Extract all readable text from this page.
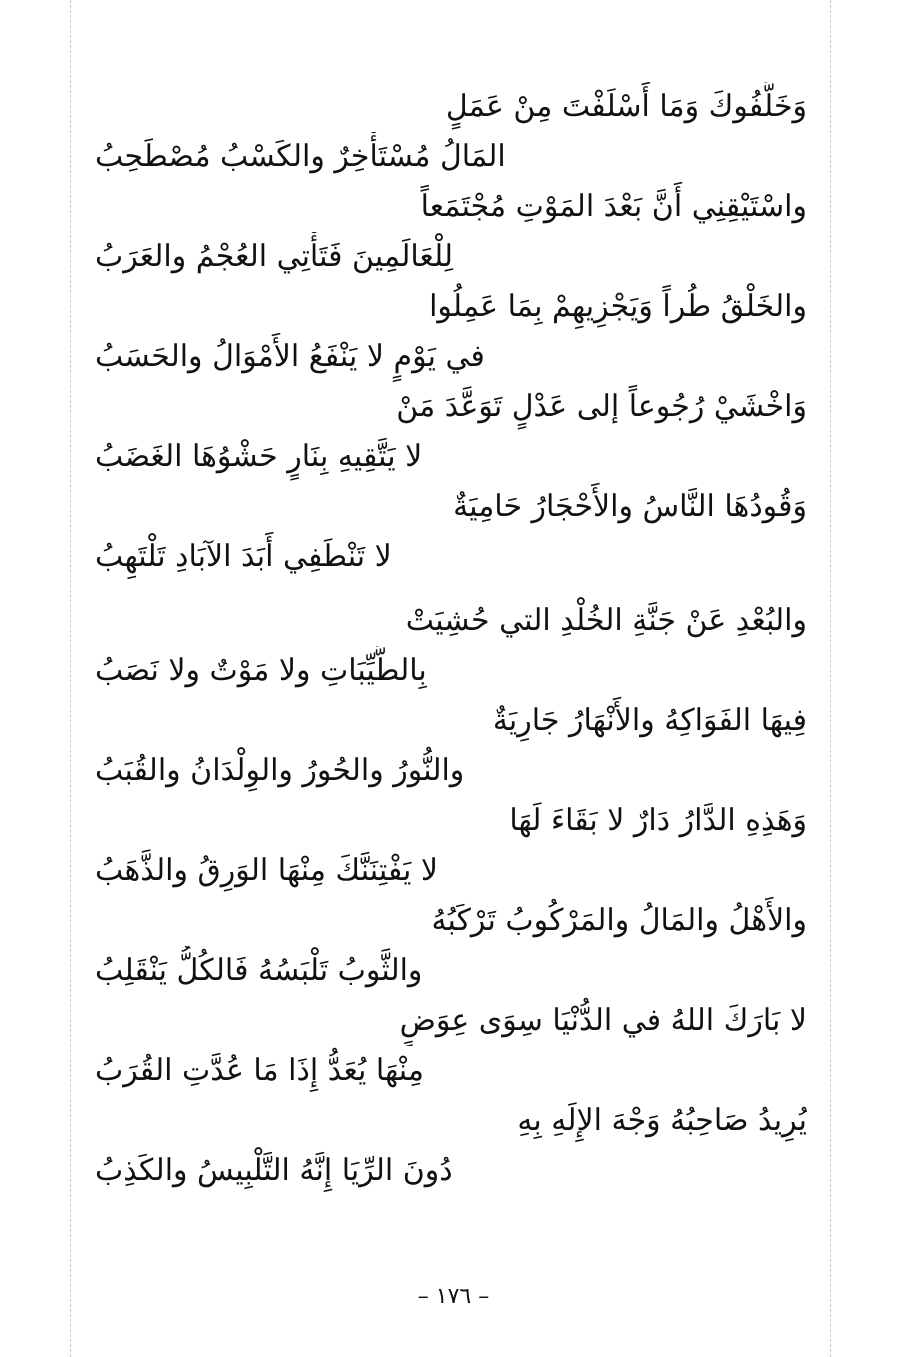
وَخَلَّفُوكَ وَمَا أَسْلَفْتَ مِنْ عَمَلٍ
المَالُ مُسْتَأْخِرٌ والكَسْبُ مُصْطَحِبُ
واسْتَيْقِنِي أَنَّ بَعْدَ المَوْتِ مُجْتَمَعاً
لِلْعَالَمِينَ فَتَأْتِي العُجْمُ والعَرَبُ
والخَلْقُ طُراً وَيَجْزِيهِمْ بِمَا عَمِلُوا
في يَوْمٍ لا يَنْفَعُ الأَمْوَالُ والحَسَبُ
وَاخْشَيْ رُجُوعاً إلى عَدْلٍ تَوَعَّدَ مَنْ
لا يَتَّقِيهِ بِنَارٍ حَشْوُهَا الغَضَبُ
وَقُودُهَا النَّاسُ والأَحْجَارُ حَامِيَةٌ
لا تَنْطَفِي أَبَدَ الآبَادِ تَلْتَهِبُ
والبُعْدِ عَنْ جَنَّةِ الخُلْدِ التي حُشِيَتْ
بِالطَّيِّبَاتِ ولا مَوْتٌ ولا نَصَبُ
فِيهَا الفَوَاكِهُ والأَنْهَارُ جَارِيَةٌ
والنُّورُ والحُورُ والوِلْدَانُ والقُبَبُ
وَهَذِهِ الدَّارُ دَارٌ لا بَقَاءَ لَهَا
لا يَفْتِنَنَّكَ مِنْهَا الوَرِقُ والذَّهَبُ
والأَهْلُ والمَالُ والمَرْكُوبُ تَرْكَبُهُ
والثَّوبُ تَلْبَسُهُ فَالكُلُّ يَنْقَلِبُ
لا بَارَكَ اللهُ في الدُّنْيَا سِوَى عِوَضٍ
مِنْهَا يُعَدُّ إِذَا مَا عُدَّتِ القُرَبُ
يُرِيدُ صَاحِبُهُ وَجْهَ الإِلَهِ بِهِ
دُونَ الرِّيَا إِنَّهُ التَّلْبِيسُ والكَذِبُ
– ١٧٦ –
